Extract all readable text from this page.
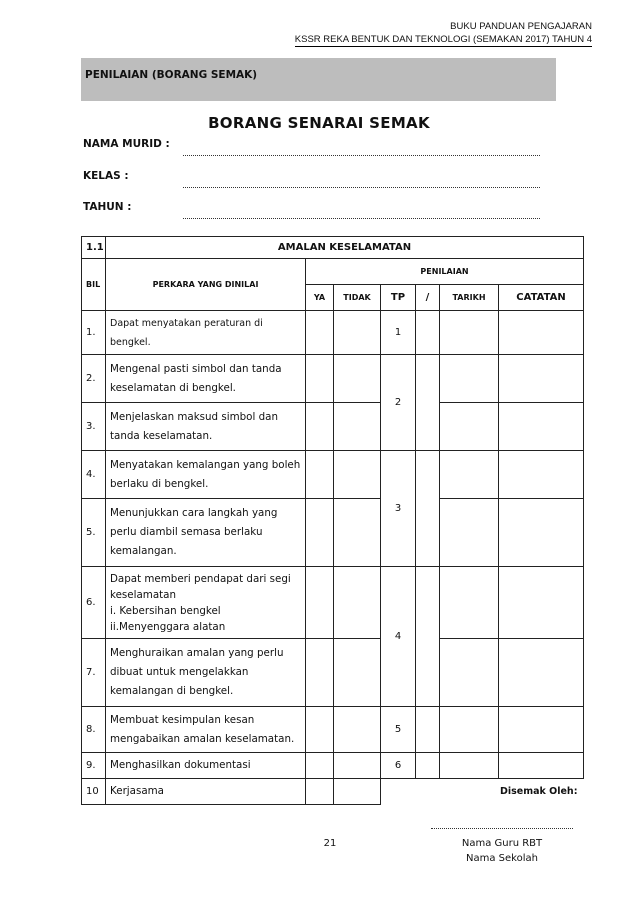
BUKU PANDUAN PENGAJARAN
KSSR REKA BENTUK DAN TEKNOLOGI (SEMAKAN 2017) TAHUN 4
PENILAIAN (BORANG SEMAK)
BORANG SENARAI SEMAK
NAMA MURID :
KELAS :
TAHUN :
1.1	AMALAN KESELAMATAN						
BIL	PERKARA YANG DINILAI	PENILAIAN					
		YA	TIDAK	TP	/	TARIKH	CATATAN
1.	Dapat menyatakan peraturan di bengkel.			1			
2.	Mengenal pasti simbol dan tanda keselamatan di bengkel.			2			
3.	Menjelaskan maksud simbol dan tanda keselamatan.						
4.	Menyatakan kemalangan yang boleh berlaku di bengkel.			3			
5.	Menunjukkan cara langkah yang perlu diambil semasa berlaku kemalangan.						
6.	Dapat memberi pendapat dari segi keselamatan
i. Kebersihan bengkel
ii.Menyenggara alatan			4			
7.	Menghuraikan amalan yang perlu dibuat untuk mengelakkan kemalangan di bengkel.						
8.	Membuat kesimpulan kesan mengabaikan amalan keselamatan.			5			
9.	Menghasilkan dokumentasi			6			
10	Kerjasama			Disemak Oleh:			
21	Nama Guru RBT
Nama Sekolah
